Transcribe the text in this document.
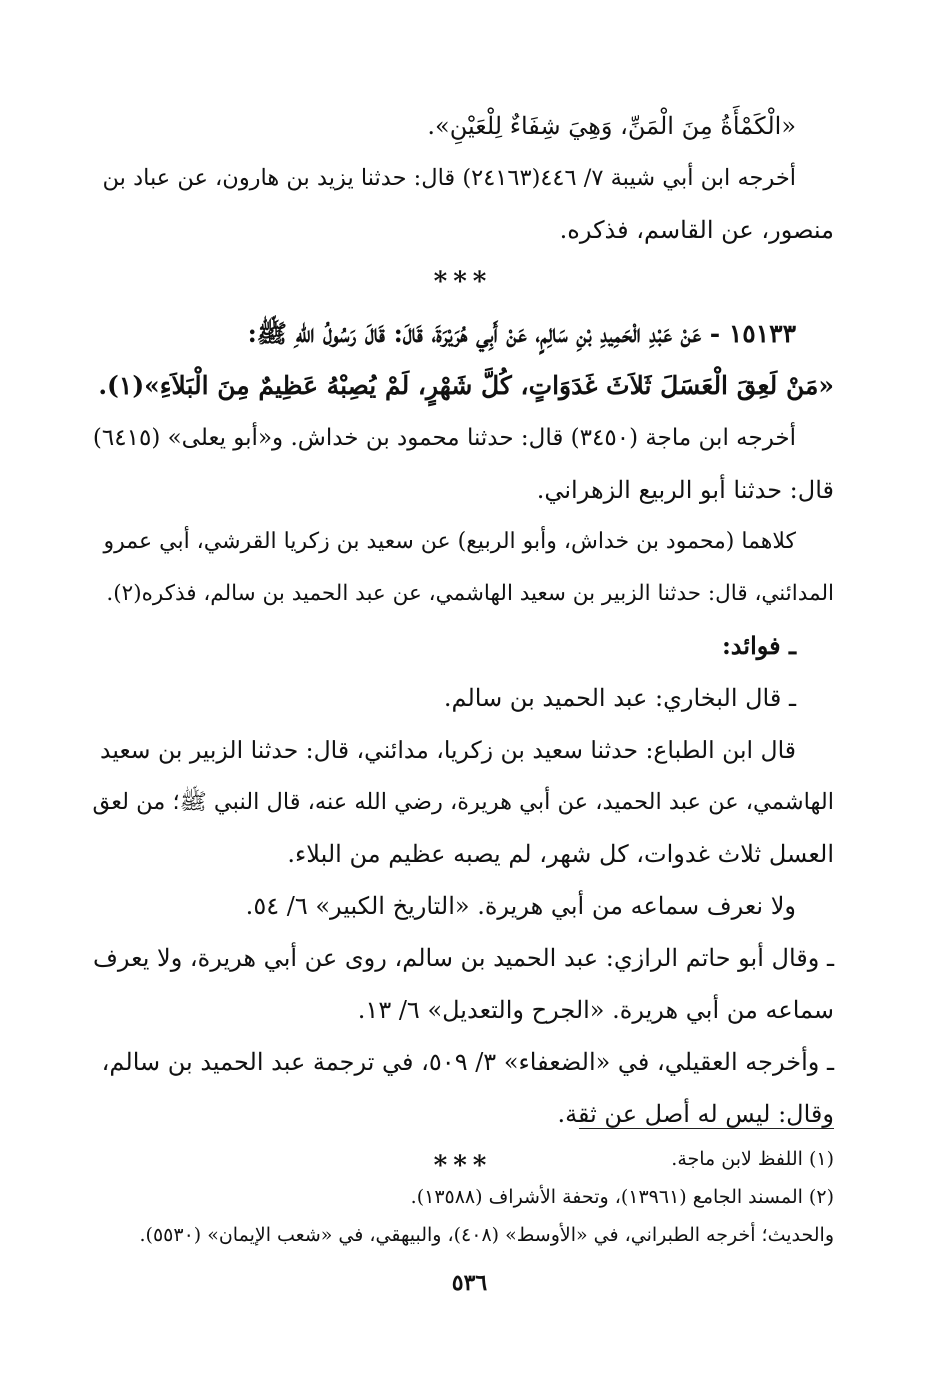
«الْكَمْأَةُ مِنَ الْمَنِّ، وَهِيَ شِفَاءٌ لِلْعَيْنِ».
أخرجه ابن أبي شيبة ٧/ ٤٤٦(٢٤١٦٣) قال: حدثنا يزيد بن هارون، عن عباد بن
منصور، عن القاسم، فذكره.
***
١٥١٣٣ - عَنْ عَبْدِ الْحَمِيدِ بْنِ سَالِمٍ، عَنْ أَبِي هُرَيْرَةَ، قَالَ: قَالَ رَسُولُ اللهِ ﷺ:
«مَنْ لَعِقَ الْعَسَلَ ثَلاَثَ غَدَوَاتٍ، كُلَّ شَهْرٍ، لَمْ يُصِبْهُ عَظِيمٌ مِنَ الْبَلاَءِ»(١).
أخرجه ابن ماجة (٣٤٥٠) قال: حدثنا محمود بن خداش. و«أبو يعلى» (٦٤١٥)
قال: حدثنا أبو الربيع الزهراني.
كلاهما (محمود بن خداش، وأبو الربيع) عن سعيد بن زكريا القرشي، أبي عمرو
المدائني، قال: حدثنا الزبير بن سعيد الهاشمي، عن عبد الحميد بن سالم، فذكره(٢).
ـ فوائد:
ـ قال البخاري: عبد الحميد بن سالم.
قال ابن الطباع: حدثنا سعيد بن زكريا، مدائني، قال: حدثنا الزبير بن سعيد
الهاشمي، عن عبد الحميد، عن أبي هريرة، رضي الله عنه، قال النبي ﷺ؛ من لعق
العسل ثلاث غدوات، كل شهر، لم يصبه عظيم من البلاء.
ولا نعرف سماعه من أبي هريرة. «التاريخ الكبير» ٦/ ٥٤.
ـ وقال أبو حاتم الرازي: عبد الحميد بن سالم، روى عن أبي هريرة، ولا يعرف
سماعه من أبي هريرة. «الجرح والتعديل» ٦/ ١٣.
ـ وأخرجه العقيلي، في «الضعفاء» ٣/ ٥٠٩، في ترجمة عبد الحميد بن سالم،
وقال: ليس له أصل عن ثقة.
***	(١) اللفظ لابن ماجة.
(٢) المسند الجامع (١٣٩٦١)، وتحفة الأشراف (١٣٥٨٨).
والحديث؛ أخرجه الطبراني، في «الأوسط» (٤٠٨)، والبيهقي، في «شعب الإيمان» (٥٥٣٠).
٥٣٦
